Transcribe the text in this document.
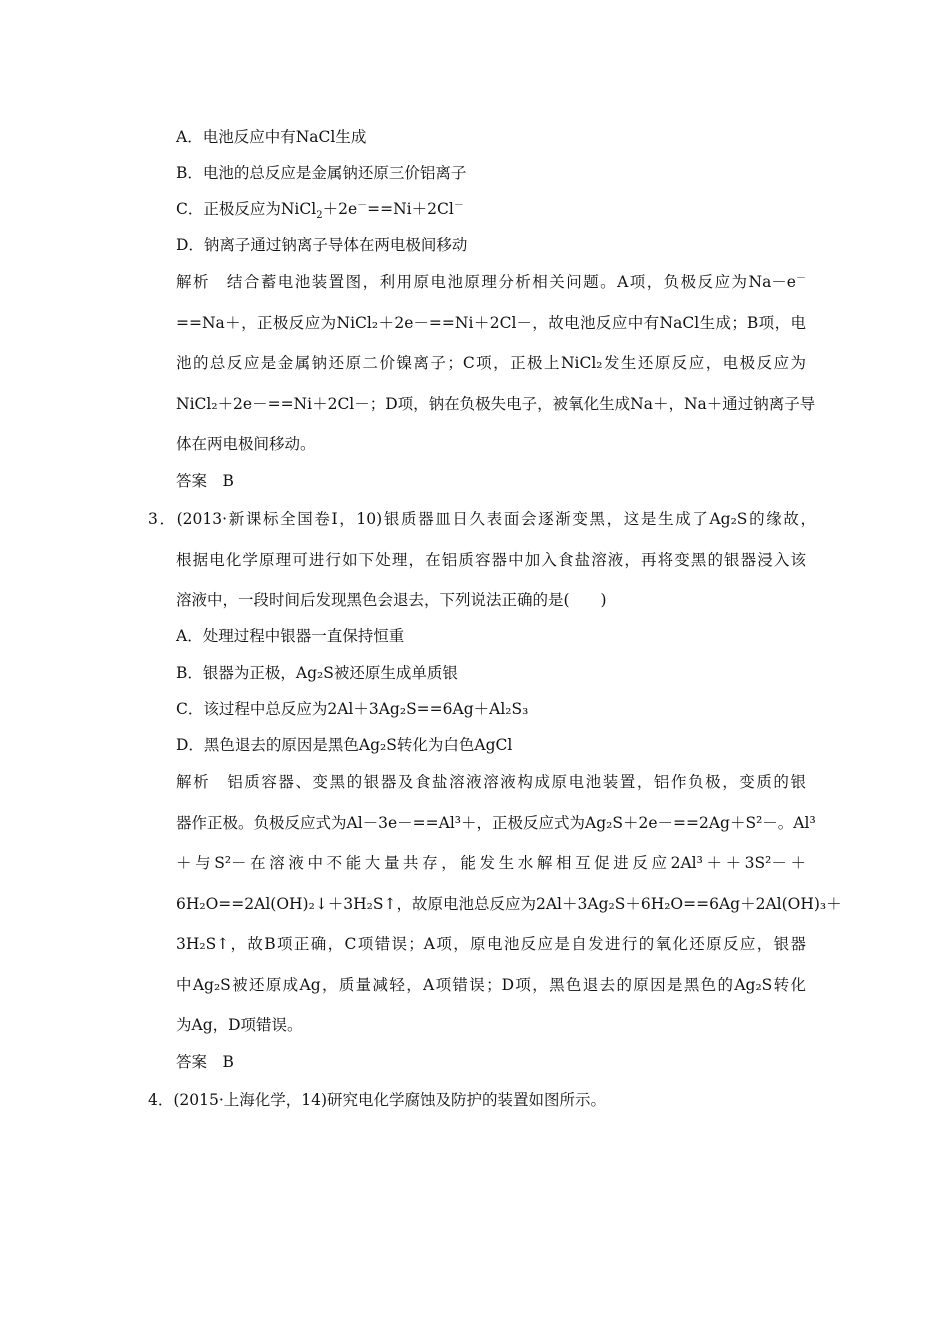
A．电池反应中有NaCl生成
B．电池的总反应是金属钠还原三价铝离子
C．正极反应为NiCl$_2$＋2e－==Ni＋2Cl－
D．钠离子通过钠离子导体在两电极间移动
解析　结合蓄电池装置图，利用原电池原理分析相关问题。A项，负极反应为Na－e－
==Na＋，正极反应为NiCl₂＋2e－==Ni＋2Cl－，故电池反应中有NaCl生成；B项，电
池的总反应是金属钠还原二价镍离子；C项，正极上NiCl₂发生还原反应，电极反应为
NiCl₂＋2e－==Ni＋2Cl－；D项，钠在负极失电子，被氧化生成Na＋，Na＋通过钠离子导
体在两电极间移动。
答案　B
3．(2013·新课标全国卷Ⅰ，10)银质器皿日久表面会逐渐变黑，这是生成了Ag₂S的缘故，
根据电化学原理可进行如下处理，在铝质容器中加入食盐溶液，再将变黑的银器浸入该
溶液中，一段时间后发现黑色会退去，下列说法正确的是(　　)
A．处理过程中银器一直保持恒重
B．银器为正极，Ag₂S被还原生成单质银
C．该过程中总反应为2Al＋3Ag₂S==6Ag＋Al₂S₃
D．黑色退去的原因是黑色Ag₂S转化为白色AgCl
解析　铝质容器、变黑的银器及食盐溶液溶液构成原电池装置，铝作负极，变质的银
器作正极。负极反应式为Al－3e－==Al³＋，正极反应式为Ag₂S＋2e－==2Ag＋S²－。Al³
＋与S²－在溶液中不能大量共存，能发生水解相互促进反应2Al³＋＋3S²－＋
6H₂O==2Al(OH)₂↓＋3H₂S↑，故原电池总反应为2Al＋3Ag₂S＋6H₂O==6Ag＋2Al(OH)₃＋
3H₂S↑，故B项正确，C项错误；A项，原电池反应是自发进行的氧化还原反应，银器
中Ag₂S被还原成Ag，质量减轻，A项错误；D项，黑色退去的原因是黑色的Ag₂S转化
为Ag，D项错误。
答案　B
4．(2015·上海化学，14)研究电化学腐蚀及防护的装置如图所示。
